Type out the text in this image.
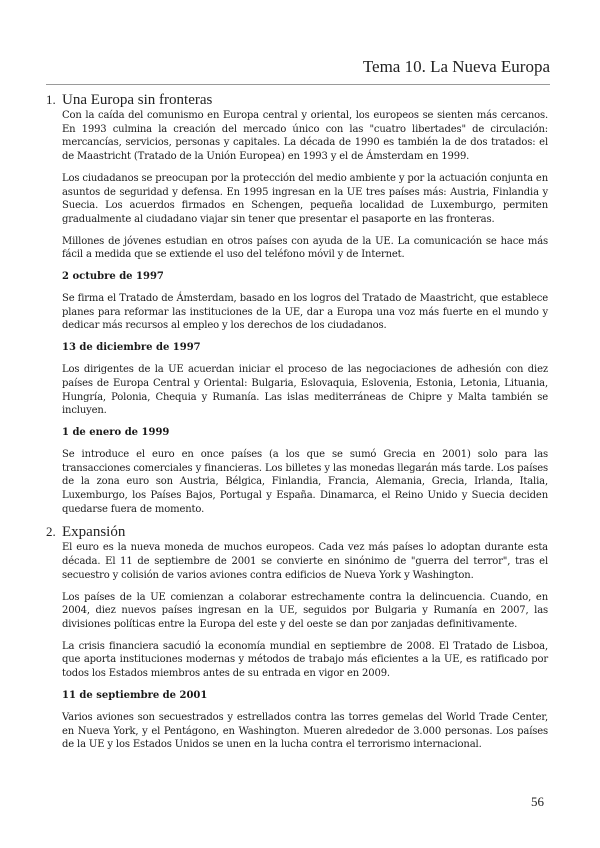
Tema 10. La Nueva Europa
1. Una Europa sin fronteras

Con la caída del comunismo en Europa central y oriental, los europeos se sienten más cercanos. En 1993 culmina la creación del mercado único con las "cuatro libertades" de circulación: mercancías, servicios, personas y capitales. La década de 1990 es también la de dos tratados: el de Maastricht (Tratado de la Unión Europea) en 1993 y el de Ámsterdam en 1999.

Los ciudadanos se preocupan por la protección del medio ambiente y por la actuación conjunta en asuntos de seguridad y defensa. En 1995 ingresan en la UE tres países más: Austria, Finlandia y Suecia. Los acuerdos firmados en Schengen, pequeña localidad de Luxemburgo, permiten gradualmente al ciudadano viajar sin tener que presentar el pasaporte en las fronteras.

Millones de jóvenes estudian en otros países con ayuda de la UE. La comunicación se hace más fácil a medida que se extiende el uso del teléfono móvil y de Internet.

2 octubre de 1997

Se firma el Tratado de Ámsterdam, basado en los logros del Tratado de Maastricht, que establece planes para reformar las instituciones de la UE, dar a Europa una voz más fuerte en el mundo y dedicar más recursos al empleo y los derechos de los ciudadanos.

13 de diciembre de 1997

Los dirigentes de la UE acuerdan iniciar el proceso de las negociaciones de adhesión con diez países de Europa Central y Oriental: Bulgaria, Eslovaquia, Eslovenia, Estonia, Letonia, Lituania, Hungría, Polonia, Chequia y Rumanía. Las islas mediterráneas de Chipre y Malta también se incluyen.

1 de enero de 1999

Se introduce el euro en once países (a los que se sumó Grecia en 2001) solo para las transacciones comerciales y financieras. Los billetes y las monedas llegarán más tarde. Los países de la zona euro son Austria, Bélgica, Finlandia, Francia, Alemania, Grecia, Irlanda, Italia, Luxemburgo, los Países Bajos, Portugal y España. Dinamarca, el Reino Unido y Suecia deciden quedarse fuera de momento.

2. Expansión

El euro es la nueva moneda de muchos europeos. Cada vez más países lo adoptan durante esta década. El 11 de septiembre de 2001 se convierte en sinónimo de "guerra del terror", tras el secuestro y colisión de varios aviones contra edificios de Nueva York y Washington.

Los países de la UE comienzan a colaborar estrechamente contra la delincuencia. Cuando, en 2004, diez nuevos países ingresan en la UE, seguidos por Bulgaria y Rumanía en 2007, las divisiones políticas entre la Europa del este y del oeste se dan por zanjadas definitivamente.

La crisis financiera sacudió la economía mundial en septiembre de 2008. El Tratado de Lisboa, que aporta instituciones modernas y métodos de trabajo más eficientes a la UE, es ratificado por todos los Estados miembros antes de su entrada en vigor en 2009.

11 de septiembre de 2001

Varios aviones son secuestrados y estrellados contra las torres gemelas del World Trade Center, en Nueva York, y el Pentágono, en Washington. Mueren alrededor de 3.000 personas. Los países de la UE y los Estados Unidos se unen en la lucha contra el terrorismo internacional.

56
